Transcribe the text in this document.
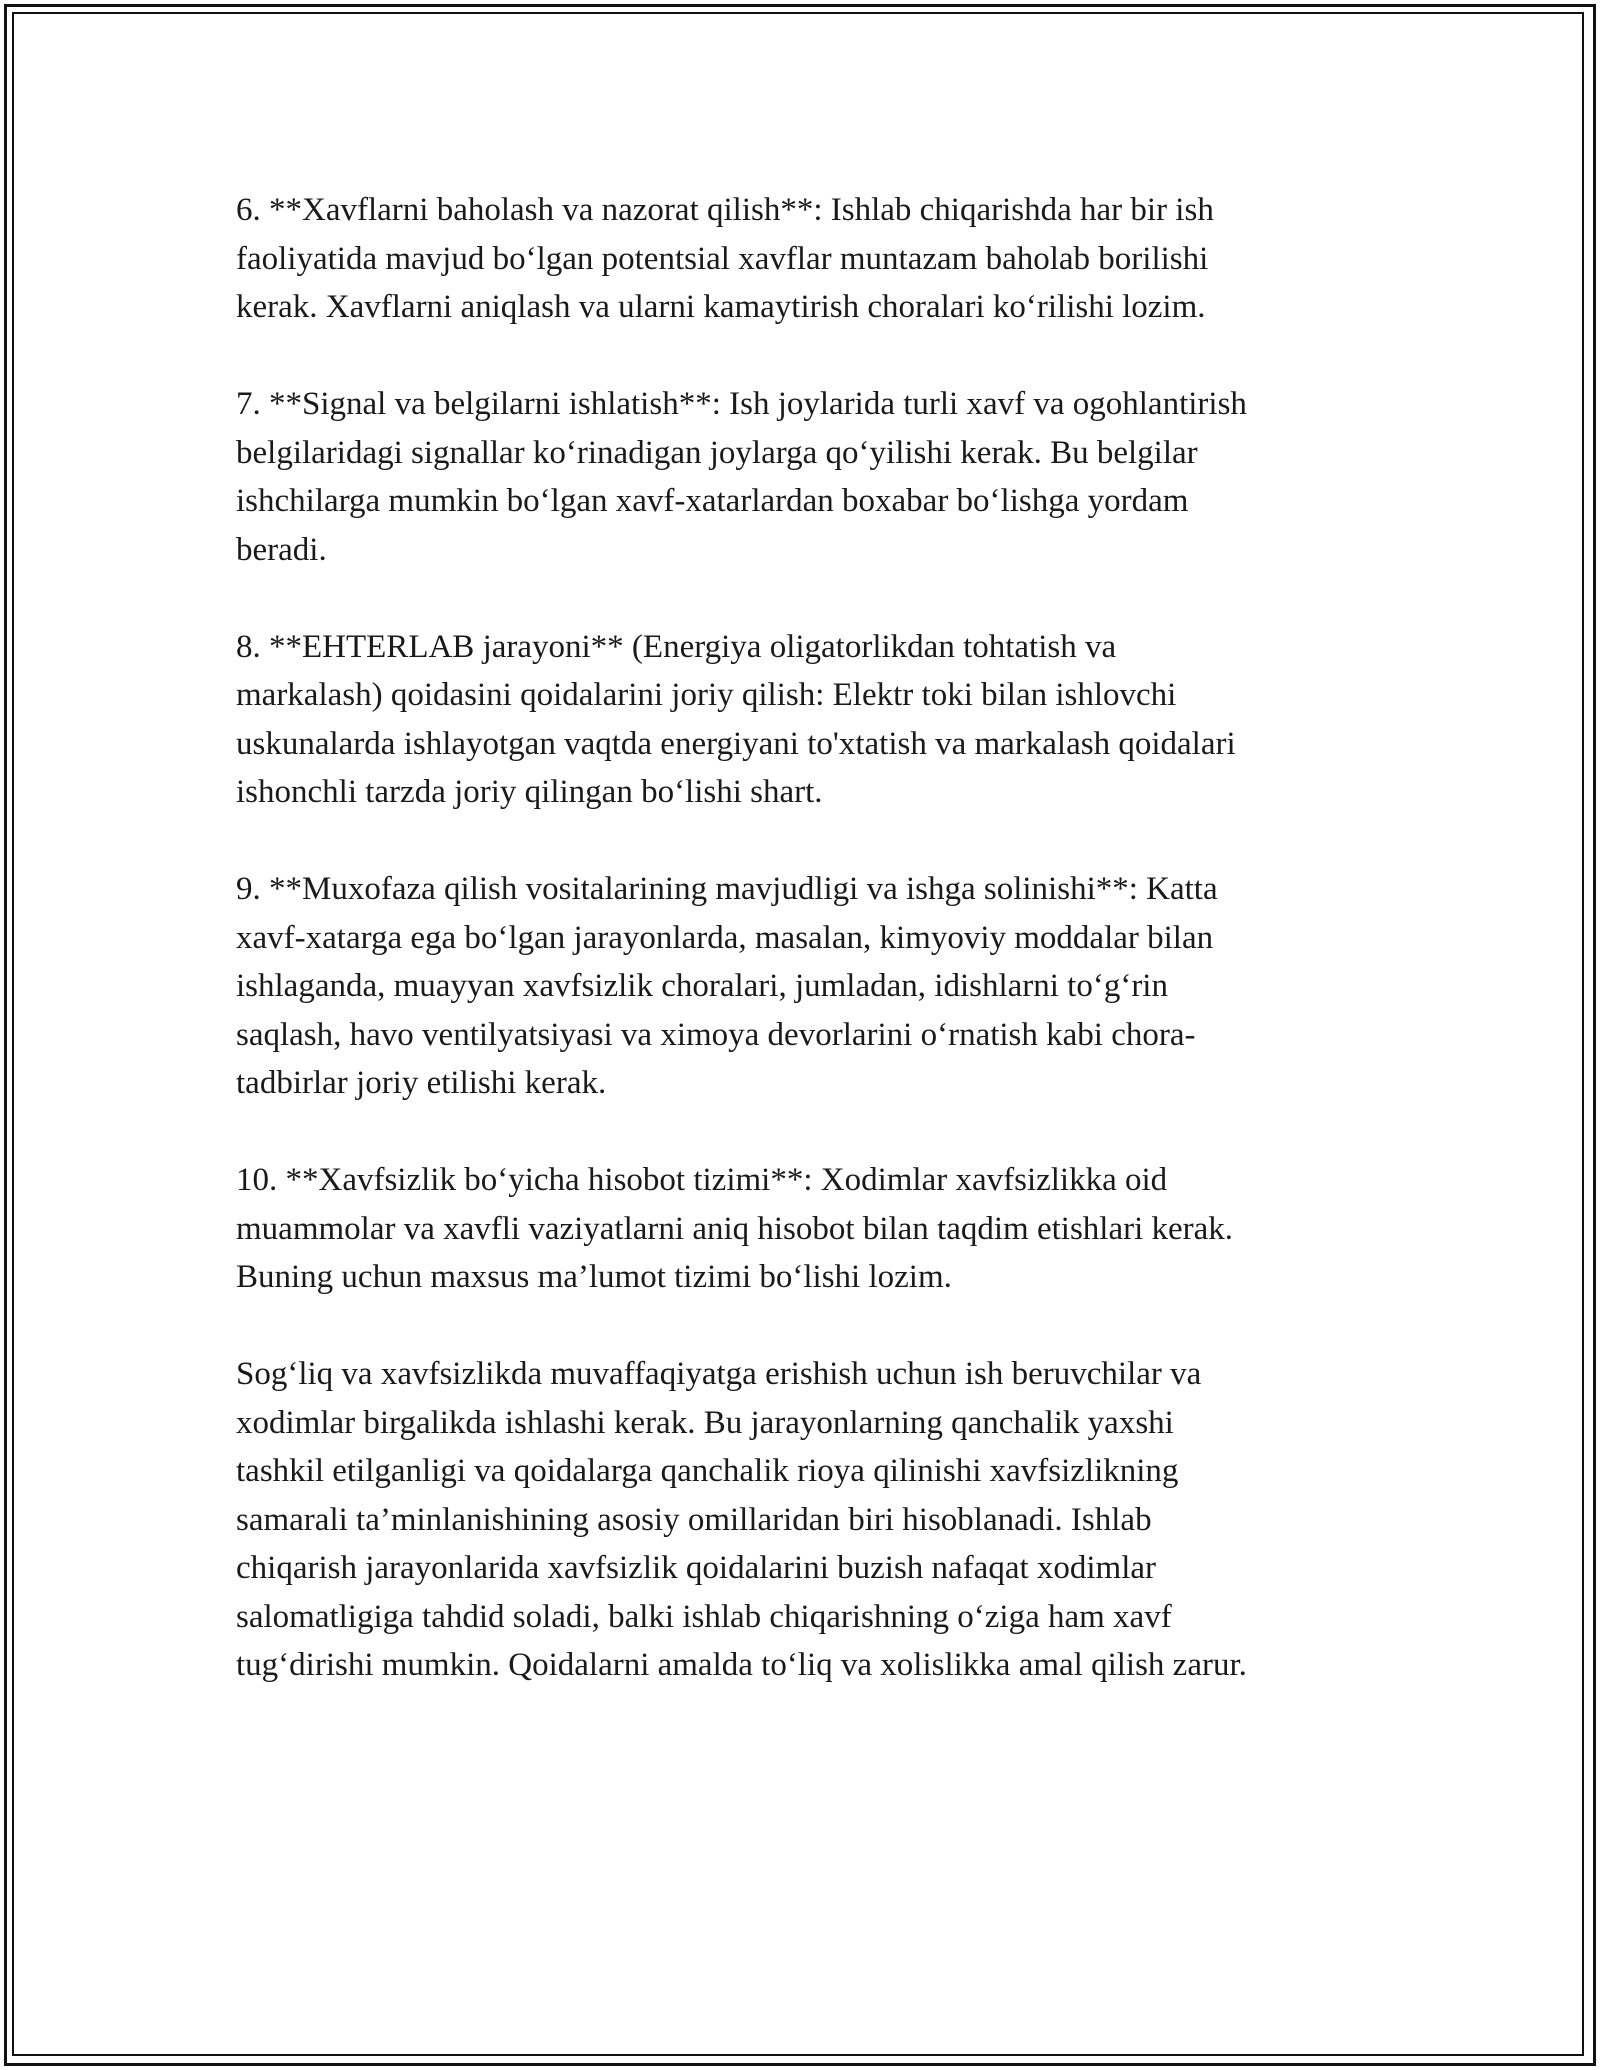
6. **Xavflarni baholash va nazorat qilish**: Ishlab chiqarishda har bir ish
faoliyatida mavjud bo‘lgan potentsial xavflar muntazam baholab borilishi
kerak. Xavflarni aniqlash va ularni kamaytirish choralari ko‘rilishi lozim.
7. **Signal va belgilarni ishlatish**: Ish joylarida turli xavf va ogohlantirish
belgilaridagi signallar ko‘rinadigan joylarga qo‘yilishi kerak. Bu belgilar
ishchilarga mumkin bo‘lgan xavf-xatarlardan boxabar bo‘lishga yordam
beradi.
8. **EHTERLAB jarayoni** (Energiya oligatorlikdan tohtatish va
markalash) qoidasini qoidalarini joriy qilish: Elektr toki bilan ishlovchi
uskunalarda ishlayotgan vaqtda energiyani to'xtatish va markalash qoidalari
ishonchli tarzda joriy qilingan bo‘lishi shart.
9. **Muxofaza qilish vositalarining mavjudligi va ishga solinishi**: Katta
xavf-xatarga ega bo‘lgan jarayonlarda, masalan, kimyoviy moddalar bilan
ishlaganda, muayyan xavfsizlik choralari, jumladan, idishlarni to‘g‘rin
saqlash, havo ventilyatsiyasi va ximoya devorlarini o‘rnatish kabi chora-
tadbirlar joriy etilishi kerak.
10. **Xavfsizlik bo‘yicha hisobot tizimi**: Xodimlar xavfsizlikka oid
muammolar va xavfli vaziyatlarni aniq hisobot bilan taqdim etishlari kerak.
Buning uchun maxsus ma’lumot tizimi bo‘lishi lozim.
Sog‘liq va xavfsizlikda muvaffaqiyatga erishish uchun ish beruvchilar va
xodimlar birgalikda ishlashi kerak. Bu jarayonlarning qanchalik yaxshi
tashkil etilganligi va qoidalarga qanchalik rioya qilinishi xavfsizlikning
samarali ta’minlanishining asosiy omillaridan biri hisoblanadi. Ishlab
chiqarish jarayonlarida xavfsizlik qoidalarini buzish nafaqat xodimlar
salomatligiga tahdid soladi, balki ishlab chiqarishning o‘ziga ham xavf
tug‘dirishi mumkin. Qoidalarni amalda to‘liq va xolislikka amal qilish zarur.
